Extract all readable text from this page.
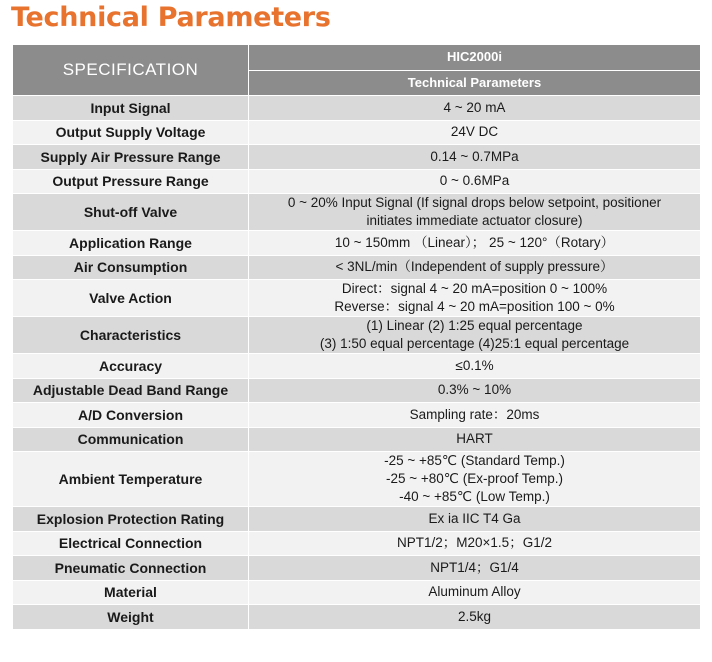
Technical Parameters
SPECIFICATION	HIC2000i
	Technical Parameters
Input Signal	4 ~ 20 mA

Output Supply Voltage	24V DC

Supply Air Pressure Range	0.14 ~ 0.7MPa

Output Pressure Range	0 ~ 0.6MPa

Shut-off Valve	0 ~ 20% Input Signal (If signal drops below setpoint, positioner
initiates immediate actuator closure)

Application Range	10 ~ 150mm （Linear）； 25 ~ 120°（Rotary）

Air Consumption	< 3NL/min（Independent of supply pressure）

Valve Action	Direct：signal 4 ~ 20 mA=position 0 ~ 100%
Reverse：signal 4 ~ 20 mA=position 100 ~ 0%

Characteristics	(1) Linear (2) 1:25 equal percentage
(3) 1:50 equal percentage (4)25:1 equal percentage

Accuracy	≤0.1%

Adjustable Dead Band Range	0.3% ~ 10%

A/D Conversion	Sampling rate：20ms

Communication	HART

Ambient Temperature	-25 ~ +85℃ (Standard Temp.)
-25 ~ +80℃ (Ex-proof Temp.)
-40 ~ +85℃ (Low Temp.)

Explosion Protection Rating	Ex ia IIC T4 Ga

Electrical Connection	NPT1/2；M20×1.5；G1/2

Pneumatic Connection	NPT1/4；G1/4

Material	Aluminum Alloy

Weight	2.5kg
